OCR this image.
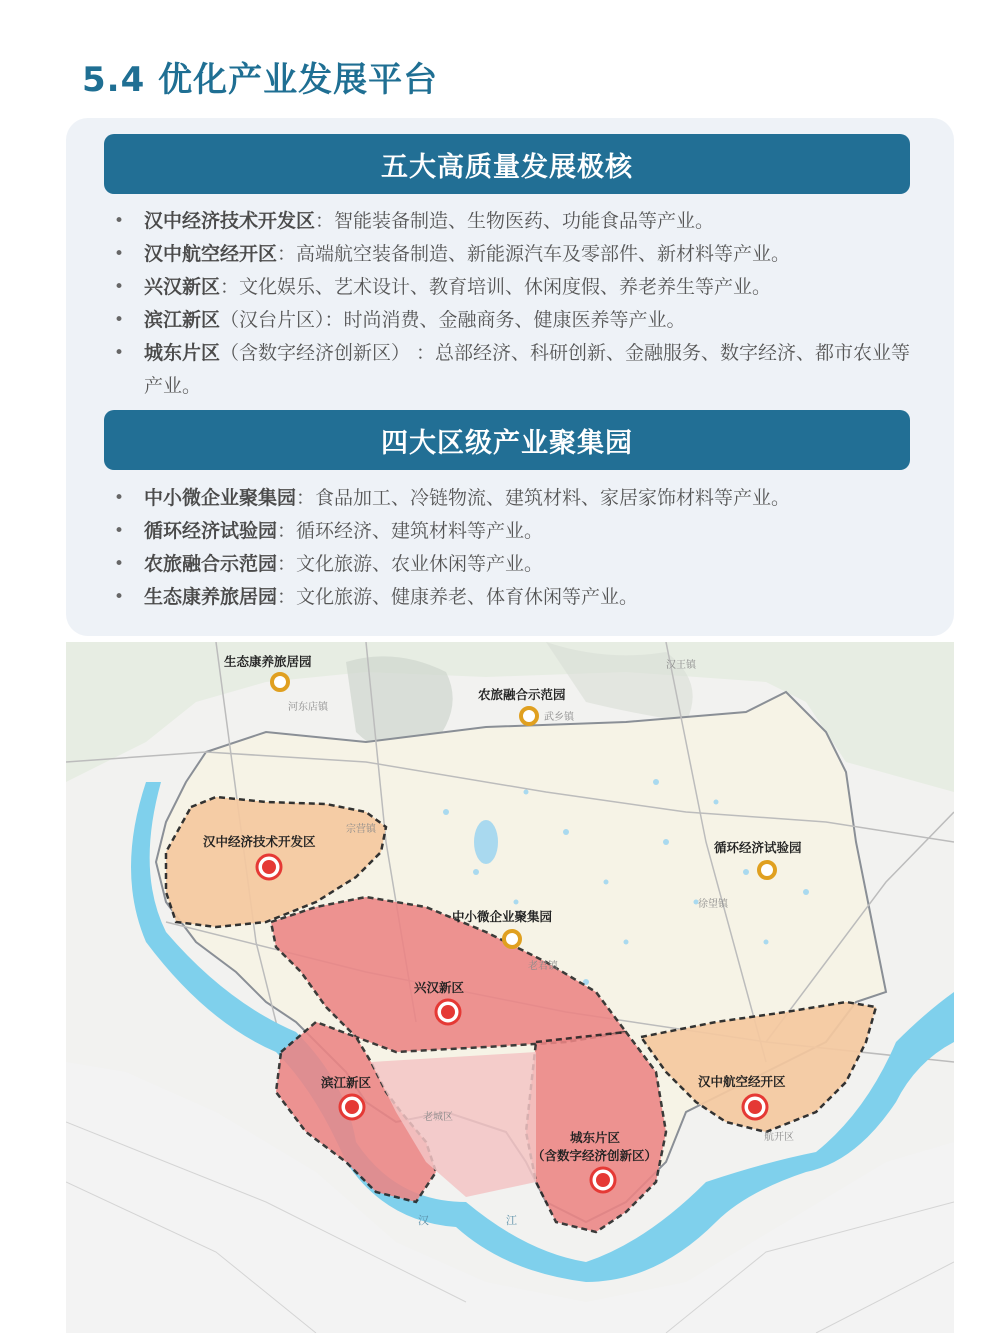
5.4 优化产业发展平台
五大高质量发展极核
• 汉中经济技术开发区：智能装备制造、生物医药、功能食品等产业。
• 汉中航空经开区：高端航空装备制造、新能源汽车及零部件、新材料等产业。
• 兴汉新区：文化娱乐、艺术设计、教育培训、休闲度假、养老养生等产业。
• 滨江新区（汉台片区）：时尚消费、金融商务、健康医养等产业。
• 城东片区（含数字经济创新区） ：总部经济、科研创新、金融服务、数字经济、都市农业等产业。
四大区级产业聚集园
• 中小微企业聚集园：食品加工、冷链物流、建筑材料、家居家饰材料等产业。
• 循环经济试验园：循环经济、建筑材料等产业。
• 农旅融合示范园：文化旅游、农业休闲等产业。
• 生态康养旅居园：文化旅游、健康养老、体育休闲等产业。
生态康养旅居园
农旅融合示范园
循环经济试验园
中小微企业聚集园
汉中经济技术开发区
兴汉新区
滨江新区	汉中航空经开区
城东片区
（含数字经济创新区）
河东店镇
武乡镇
汉王镇
宗营镇
徐望镇
老君镇
老城区
航开区
汉	江
